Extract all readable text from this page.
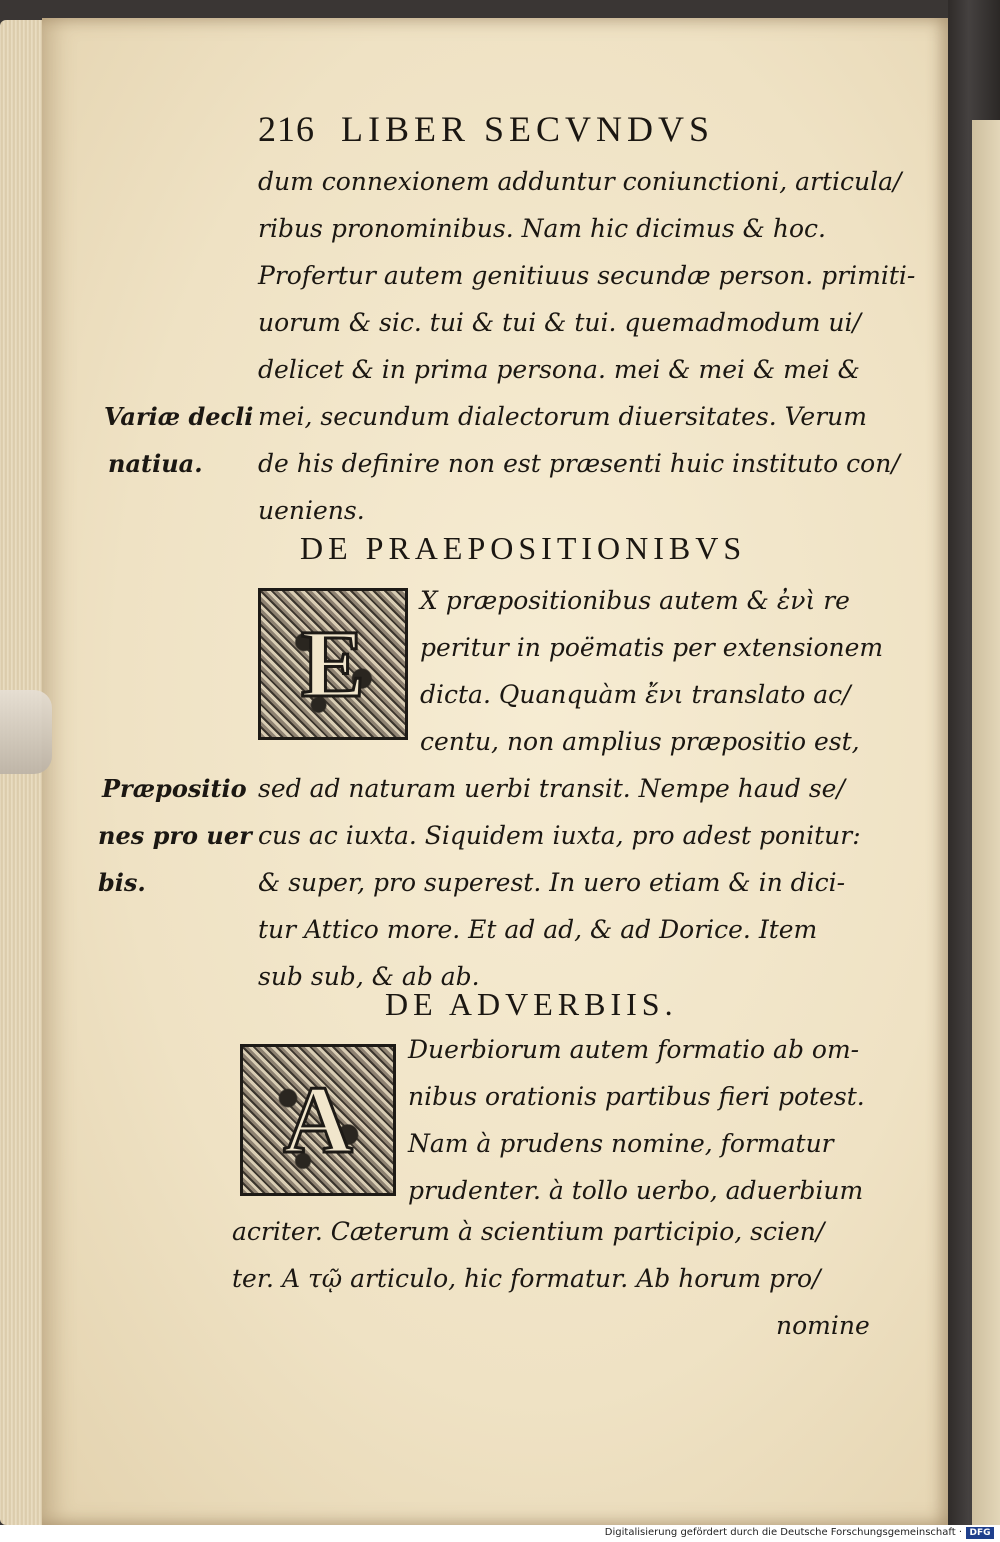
216 LIBER SECVNDVS
dum connexionem adduntur coniunctioni, articula/
ribus pronominibus. Nam hic dicimus & hoc.
Profertur autem genitiuus secundæ person. primiti-
uorum & sic. tui & tui & tui. quemadmodum ui/
delicet & in prima persona. mei & mei & mei &
mei, secundum dialectorum diuersitates. Verum
de his definire non est præsenti huic instituto con/
ueniens.
Variæ decli
natiua.
DE PRAEPOSITIONIBVS
E
X præpositionibus autem & ἐνὶ re
peritur in poëmatis per extensionem
dicta. Quanquàm ἔνι translato ac/
centu, non amplius præpositio est,
sed ad naturam uerbi transit. Nempe haud se/
cus ac iuxta. Siquidem iuxta, pro adest ponitur:
& super, pro superest. In uero etiam & in dici-
tur Attico more. Et ad ad, & ad Dorice. Item
sub sub, & ab ab.
Præpositio
nes pro uer
bis.
DE ADVERBIIS.
A
Duerbiorum autem formatio ab om-
nibus orationis partibus fieri potest.
Nam à prudens nomine, formatur
prudenter. à tollo uerbo, aduerbium
acriter. Cæterum à scientium participio, scien/
ter. A τῷ articulo, hic formatur. Ab horum pro/
nomine
Digitalisierung gefördert durch die Deutsche Forschungsgemeinschaft · DFG
